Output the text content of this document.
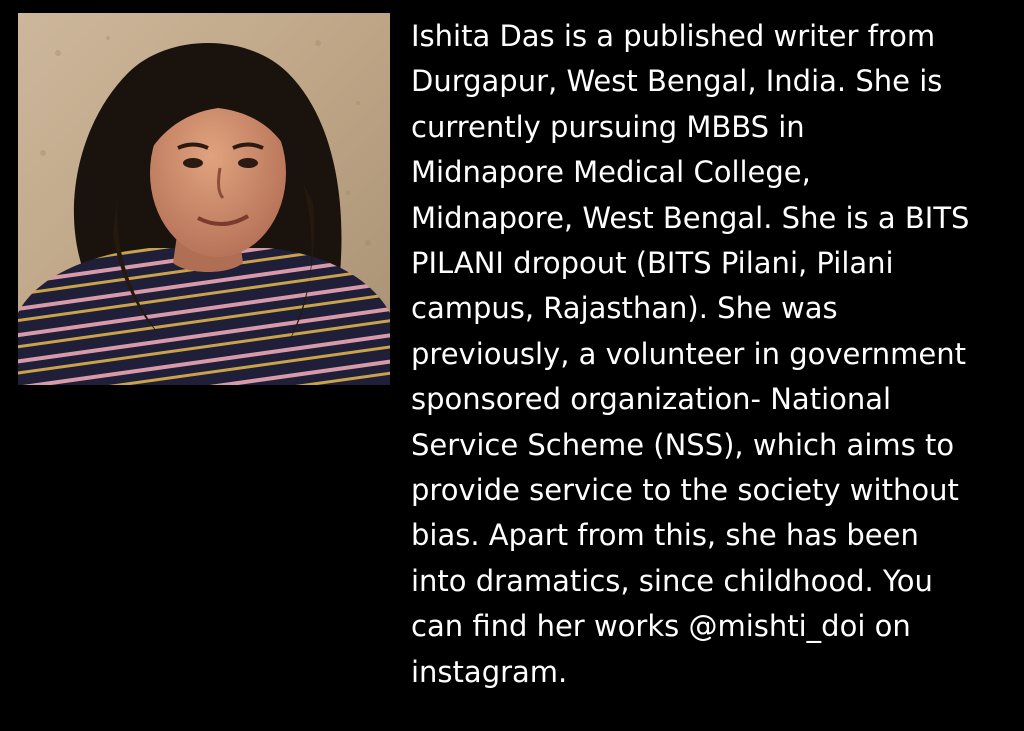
Ishita Das is a published writer from
Durgapur, West Bengal, India. She is
currently pursuing MBBS in
Midnapore Medical College,
Midnapore, West Bengal. She is a BITS
PILANI dropout (BITS Pilani, Pilani
campus, Rajasthan). She was
previously, a volunteer in government
sponsored organization- National
Service Scheme (NSS), which aims to
provide service to the society without
bias. Apart from this, she has been
into dramatics, since childhood. You
can find her works @mishti_doi on
instagram.
